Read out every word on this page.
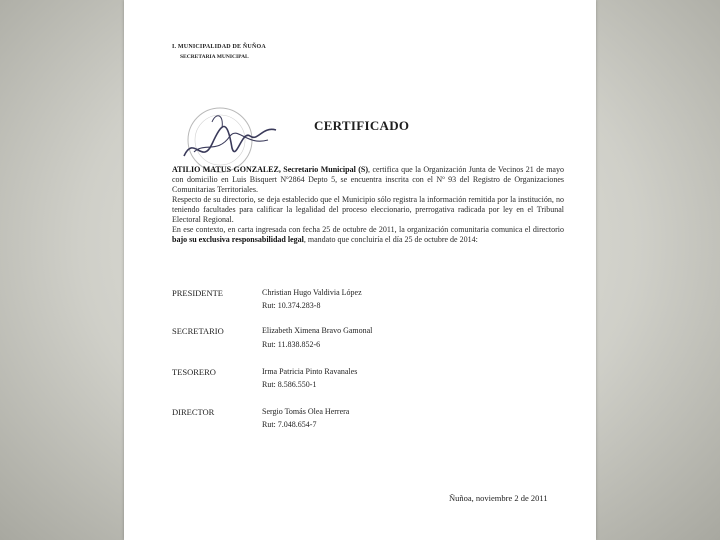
I. MUNICIPALIDAD DE ÑUÑOA

SECRETARIA MUNICIPAL

CERTIFICADO

ATILIO MATUS GONZALEZ, Secretario Municipal (S), certifica que la Organización Junta de Vecinos 21 de mayo con domicilio en Luis Bisquert Nº2864 Depto 5, se encuentra inscrita con el Nº 93 del Registro de Organizaciones Comunitarias Territoriales.

Respecto de su directorio, se deja establecido que el Municipio sólo registra la información remitida por la institución, no teniendo facultades para calificar la legalidad del proceso eleccionario, prerrogativa radicada por ley en el Tribunal Electoral Regional.

En ese contexto, en carta ingresada con fecha 25 de octubre de 2011, la organización comunitaria comunica el directorio bajo su exclusiva responsabilidad legal, mandato que concluiría el día 25 de octubre de 2014:

PRESIDENTE	Christian Hugo Valdivia López

Rut: 10.374.283-8

SECRETARIO	Elizabeth Ximena Bravo Gamonal

Rut: 11.838.852-6

TESORERO	Irma Patricia Pinto Ravanales

Rut: 8.586.550-1

DIRECTOR	Sergio Tomás Olea Herrera

Rut: 7.048.654-7

Ñuñoa, noviembre 2 de 2011
